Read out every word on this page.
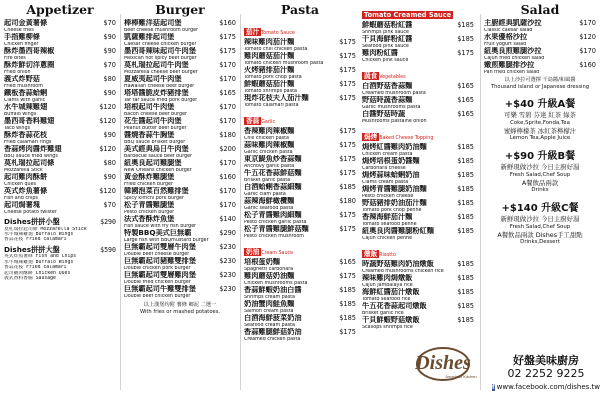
Appetizer
起司金黃薯條
Cheese fries
$70
手指雞柳條
Chicken finger
$90
酥炸墨西哥辣椒
Fire bites
$90
酥炸鮮切洋蔥圈
Fried onion
$70
義式炸野菇
Fried mushroom
$80
鐵板香蒜蛤蜊
Clams with garlic
$90
水牛城辣雞翅
Buffalo wings
$120
墨西哥香料雞翅
Taco wings
$120
酥炸香蒜花枝
Fried calamari rings
$90
香蒜烤肉醬炸雞翅
BBQ sauce fried wings
$120
莫札瑞拉起司條
Mozzarella Stick
$80
起司雞肉酥餅
Chicken ques
$90
英式炸魚薯條
Fish and chips
$120
起司焗薯塊
Cheese potato twister
$70
Dishes拼拼小盤	$290
莫札瑞拉起司條 Mozzarella Stick
水牛城辣雞翅 Buffalo Wings
香蒜花枝 Fried calamari
Dishes拼拼大盤	$590
英式炸魚薯條 Fish and Chips
水牛城辣雞翅 Buffalo Wings
香蒜花枝 Fried calamari
起司雞肉酥餅 Chicken Ques
義式香料香腸 Sausage
Burger
棒棒雞洋菇起司堡
Beef cheese mushroom burger
$160
凱薩雞排起司堡
Caesar cheese chicken burger
$175
墨西哥辣味起司牛肉堡
Mexican hot spicy beef burger
$175
莫札瑞拉起司牛肉堡
Mozzarella cheese beef burger
$170
夏威夷起司牛肉堡
Hawaiian cheese beef burger
$170
塔塔醬脆皮炸豬排堡
Tar tar sauce fried pork burger
$165
培根起司牛肉堡
Bacon cheese beef burger
$170
花生醬起司牛肉堡
Peanut butter beef burger
$170
醬燒香蒜牛胸堡
BBQ sauce brisket burger
$180
美式經典烏日牛肉堡
Barbecue sauce beef burger
$200
紐奧良起司雞腿堡
New Orleans chicken burger
$170
黃金酥炸雞腿堡
Fried chicken burger
$160
韓國泡菜百然雞排堡
Spicy kimchi pork burger
$170
松子青醬雞腿堡
Pesto chicken burger
$170
法式香酥炸魚堡
Fish sauce with fry fish burger
$140
特製BBQ美式巨無霸
Large fish with BBQmustard burger
$290
巨無霸起司雙層牛肉堡
Double beef cheese burger
$230
巨無霸起司豬雞雙排堡
Double chicken pork burger
$230
巨無霸起司雙層雞肉堡
Double fried chicken burger
$230
巨無霸起司牛雞雙排堡
Double beef chicken burger
$230
以上漢堡均附 薯條 鄉泥 二選一
With fries or mashed potatoes.
Pasta
茄汁 Tomato Sauce
辣味雞肉茄汁麵
Tomato chili chicken pasta
$175
雞肉蘑菇茄汁麵
Tomato chicken mushroom pasta
$175
火烤豬排茄汁麵
Tomato pork chop pasta
$175
鮮蝦蘑菇茄汁麵
Tomato shrimps pasta
$175
現炸花枝夫人茄汁麵
Tomato calamari pasta
$175
香蒜 Garlic
香辣雞肉辣椒麵
Chili chicken pasta
$175
蒜味雞肉辣椒麵
Garlic chicken pasta
$175
東京鯷魚炒香蒜麵
Anchovy garlic pasta
$175
牛五花香蒜鮮菇麵
Brisket garlic pasta
$175
白酒蛤蜊香蒜細麵
Garlic clam pasta
$185
蒜辣海鮮橄欖麵
Garlic seafood pasta
$180
松子青醬雞肉細麵
Pesto chicken garlic pasta
$175
松子青醬雞腿鮮菇麵
Pesto chicken mushroom
$175
奶油 Cream Sauce
培根蛋奶麵
Spaghetti carbonara
$165
雞肉蘑菇奶油麵
Chicken mushrooms pasta
$175
香蒜鮮蝦奶油白醬
Shrimps cream pasta
$185
奶油蟹肉鮭魚麵
Salmon cream pasta
$185
白酒海鮮菠菜奶油
Seafood cream pasta
$185
香蒜雞腿鮮菇奶油
Creamed chicken pasta
$175
Tomato Creamed Sauce
鮮蝦蘑菇粉紅醬
Shrimps pink sauce
$185
干貝海鮮粉紅醬
Seafood pink sauce
$185
雞肉粉紅醬
Chicken pink sauce
$175
蔬食 Vegetables
白酒野菇香蒜麵
Creamed mushroom pasta
$165
野菇時蔬香蒜麵
Garlic mushrooms pasta
$165
白醬野菇時蔬
Mushrooms pastaine onion
$165
焗烤 Baked Cheese Topping
焗烤紅醬雞肉奶油麵
Chicken cream pasta
$185
焗烤培根蛋奶醬麵
Carbonara cheese
$185
焗烤蒜味蛤蜊奶油
Clams cream pasta
$185
焗烤青醬雞腿奶油麵
Pesto chicken cheese
$185
野菇豬排奶油茄汁麵
Tomato pork chop penne
$185
香辣海鮮茄汁麵
Tomato seafood penne
$185
紐奧良肉醬雞腿粉紅麵
Cajun chicken penne
$185
燉飯 Risotto
時蔬野菇雞肉奶油燉飯
Creamed mushrooms chicken rice
$185
辣味雞肉焗燉飯
Cajun Jambalaya rice
$185
海鮮紅醬茄汁燉飯
Tomato seafood rice
$185
牛五花香蒜起司燉飯
Brisket garlic rice
$185
干貝鮮蝦野菇燉飯
Scallops shrimps rice
$185
Salad
主廚經典凱薩沙拉
Classic caesar salad
$170
水果優格沙拉
Fruit yogurt salad
$120
紐奧良煎雞腿沙拉
Cajun fried chicken salad
$170
嫩煎雞腿排沙拉
Pan fried chicken salad
$160
以上沙拉可選擇 千島醬/和風醬
Thousand island or Japanese dressing
+$40 升級A餐
可樂 雪碧 芬達 紅茶 綠茶
Coke,Sprite,Fonda,Tea
蜜蜂檸檬茶 冰紅茶檸檬汁
Lemon Tea,Apple Juice
+$90 升級B餐
新鮮現做沙拉 今日主廚好湯
Fresh Salad,Chef Soup
A餐飲品兩款
Drinks
+$140 升級C餐
新鮮現做沙拉 今日主廚好湯
Fresh Salad,Chef Soup
A餐飲品兩款 Dishes手工甜點
Drinks,Dessert
Dishes
American Kitchen
好盤美味廚房
02 2252 9225
f www.facebook.com/dishes.tw
